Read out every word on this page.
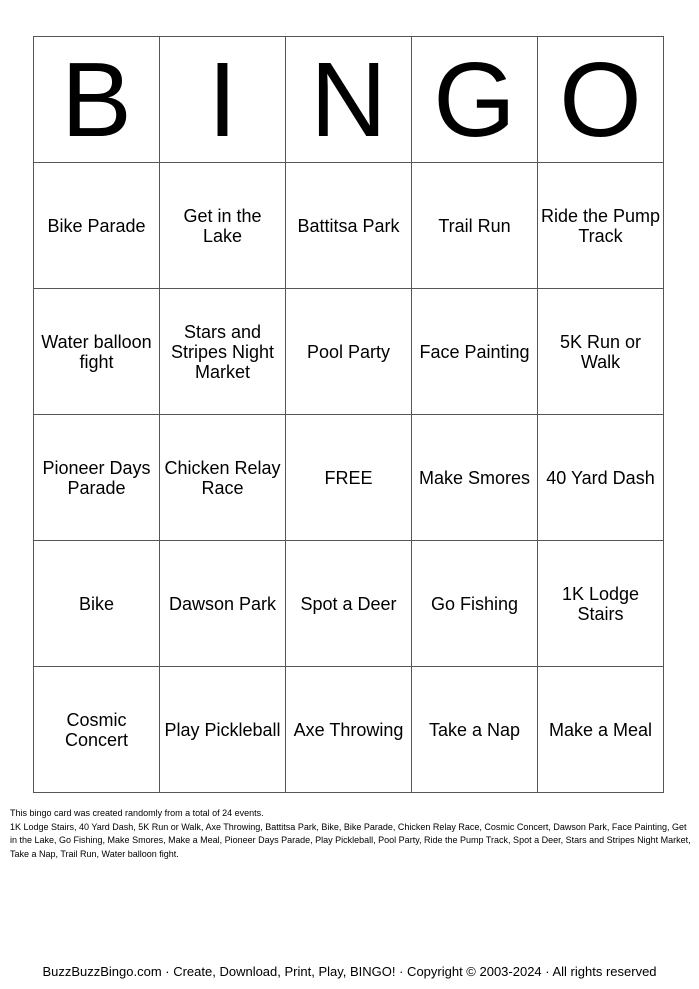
B	I	N	G	O
Bike Parade	Get in the Lake	Battitsa Park	Trail Run	Ride the Pump Track
Water balloon fight	Stars and Stripes Night Market	Pool Party	Face Painting	5K Run or Walk
Pioneer Days Parade	Chicken Relay Race	FREE	Make Smores	40 Yard Dash
Bike	Dawson Park	Spot a Deer	Go Fishing	1K Lodge Stairs
Cosmic Concert	Play Pickleball	Axe Throwing	Take a Nap	Make a Meal
This bingo card was created randomly from a total of 24 events.
1K Lodge Stairs, 40 Yard Dash, 5K Run or Walk, Axe Throwing, Battitsa Park, Bike, Bike Parade, Chicken Relay Race, Cosmic Concert, Dawson Park, Face Painting, Get in the Lake, Go Fishing, Make Smores, Make a Meal, Pioneer Days Parade, Play Pickleball, Pool Party, Ride the Pump Track, Spot a Deer, Stars and Stripes Night Market, Take a Nap, Trail Run, Water balloon fight.
BuzzBuzzBingo.com · Create, Download, Print, Play, BINGO! · Copyright © 2003-2024 · All rights reserved
